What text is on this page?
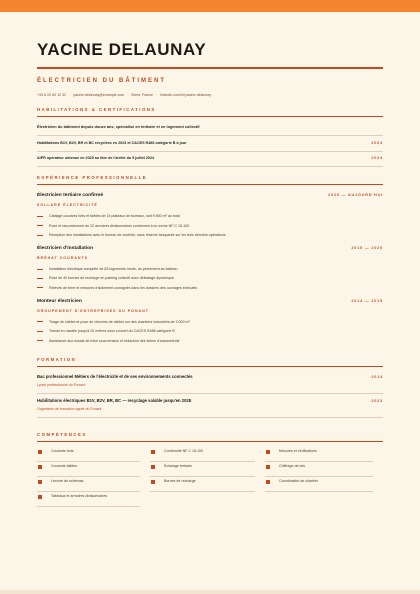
YACINE DELAUNAY
ÉLECTRICIEN DU BÂTIMENT
+33 6 22 60 12 32 · yacine.delaunay@example.com · Brest, France · linkedin.com/in/yacine-delaunay
HABILITATIONS & CERTIFICATIONS
Électricien du bâtiment depuis douze ans, spécialisé en tertiaire et en logement collectif
Habilitations B1V, B2V, BR et BC recyclées en 2023 et CACES R486 catégorie B à jour	2023
AIPR opérateur obtenue en 2025 au titre de l'arrêté du 5 juillet 2024	2024
EXPÉRIENCE PROFESSIONNELLE
Électricien tertiaire confirmé	2020 — AUJOURD'HUI
SOLLARE ÉLECTRICITÉ
Câblage courants forts et faibles de 14 plateaux de bureaux, soit 9 800 m² au total
Pose et raccordement de 22 armoires divisionnaires conformes à la norme NF C 15-100
Réception des installations avec le bureau de contrôle, sans réserve bloquante sur les trois derniers opérations
Électricien d'installation	2015 — 2020
BRÉHAT COURANTS
Installation électrique complète de 83 logements neufs, du percement au tableau
Pose de 40 bornes de recharge en parking collectif avec délestage dynamique
Relevés de terre et mesures d'isolement consignés dans les dossiers des ouvrages exécutés
Monteur électricien	2014 — 2015
GROUPEMENT D'ENTREPRISES DU PONANT
Tirage de câbles et pose de chemins de câbles sur des chantiers industriels de 3 000 m²
Travail en nacelle jusqu'à 20 mètres sous couvert du CACES R486 catégorie B
Assistance aux essais de mise sous tension et rédaction des fiches d'autocontrôle
FORMATION
Bac professionnel Métiers de l'électricité et de ses environnements connectés	2014
Lycée professionnel du Ponant
Habilitations électriques B1V, B2V, BR, BC — recyclage valable jusqu'en 2028	2023
Organisme de formation agréé du Ponant
COMPÉTENCES
Courants forts	Conformité NF C 15-100	Mesures et vérifications
Courants faibles	Éclairage tertiaire	Chiffrage de lots
Lecture de schémas	Bornes de recharge	Coordination de chantier
Tableaux et armoires divisionnaires
